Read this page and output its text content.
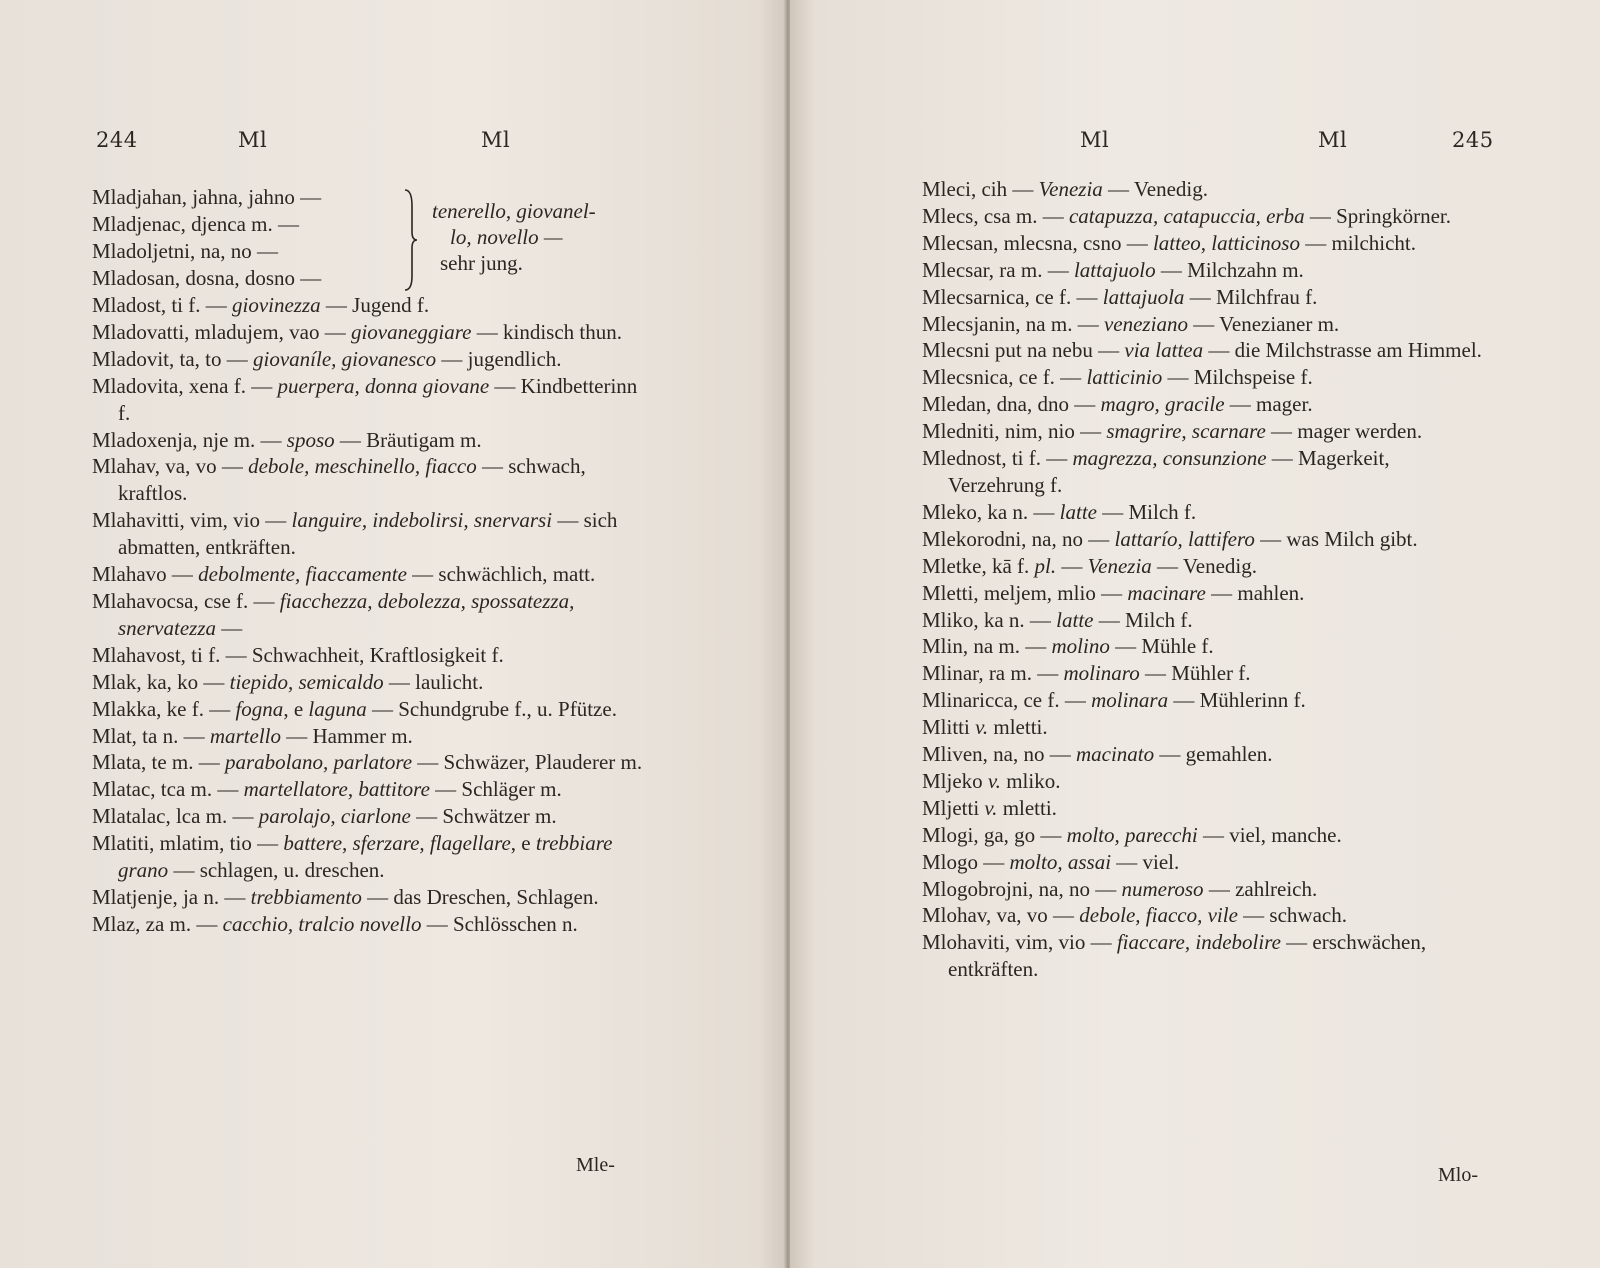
244	Ml	Ml
Mladjahan, jahna, jahno —
Mladjenac, djenca m. —
Mladoljetni, na, no —
Mladosan, dosna, dosno —
tenerello, giovanel-
lo, novello —
sehr jung.
Mladost, ti f. — giovinezza — Jugend f.
Mladovatti, mladujem, vao — giovaneggiare — kindisch thun.
Mladovit, ta, to — giovaníle, giovanesco — jugendlich.
Mladovita, xena f. — puerpera, donna giovane — Kindbetterinn f.
Mladoxenja, nje m. — sposo — Bräutigam m.
Mlahav, va, vo — debole, meschinello, fiacco — schwach, kraftlos.
Mlahavitti, vim, vio — languire, indebolirsi, snervarsi — sich abmatten, entkräften.
Mlahavo — debolmente, fiaccamente — schwächlich, matt.
Mlahavocsa, cse f. — fiacchezza, debolezza, spossatezza, snervatezza —
Mlahavost, ti f. — Schwachheit, Kraftlosigkeit f.
Mlak, ka, ko — tiepido, semicaldo — laulicht.
Mlakka, ke f. — fogna, e laguna — Schundgrube f., u. Pfütze.
Mlat, ta n. — martello — Hammer m.
Mlata, te m. — parabolano, parlatore — Schwäzer, Plauderer m.
Mlatac, tca m. — martellatore, battitore — Schläger m.
Mlatalac, lca m. — parolajo, ciarlone — Schwätzer m.
Mlatiti, mlatim, tio — battere, sferzare, flagellare, e trebbiare grano — schlagen, u. dreschen.
Mlatjenje, ja n. — trebbiamento — das Dreschen, Schlagen.
Mlaz, za m. — cacchio, tralcio novello — Schlösschen n.
Mle-
Ml	Ml	245
Mleci, cih — Venezia — Venedig.
Mlecs, csa m. — catapuzza, catapuccia, erba — Springkörner.
Mlecsan, mlecsna, csno — latteo, latticinoso — milchicht.
Mlecsar, ra m. — lattajuolo — Milchzahn m.
Mlecsarnica, ce f. — lattajuola — Milchfrau f.
Mlecsjanin, na m. — veneziano — Venezianer m.
Mlecsni put na nebu — via lattea — die Milchstrasse am Himmel.
Mlecsnica, ce f. — latticinio — Milchspeise f.
Mledan, dna, dno — magro, gracile — mager.
Mledniti, nim, nio — smagrire, scarnare — mager werden.
Mlednost, ti f. — magrezza, consunzione — Magerkeit, Verzehrung f.
Mleko, ka n. — latte — Milch f.
Mlekorodni, na, no — lattarío, lattifero — was Milch gibt.
Mletke, kā f. pl. — Venezia — Venedig.
Mletti, meljem, mlio — macinare — mahlen.
Mliko, ka n. — latte — Milch f.
Mlin, na m. — molino — Mühle f.
Mlinar, ra m. — molinaro — Mühler f.
Mlinaricca, ce f. — molinara — Mühlerinn f.
Mlitti v. mletti.
Mliven, na, no — macinato — gemahlen.
Mljeko v. mliko.
Mljetti v. mletti.
Mlogi, ga, go — molto, parecchi — viel, manche.
Mlogo — molto, assai — viel.
Mlogobrojni, na, no — numeroso — zahlreich.
Mlohav, va, vo — debole, fiacco, vile — schwach.
Mlohaviti, vim, vio — fiaccare, indebolire — erschwächen, entkräften.
Mlo-
